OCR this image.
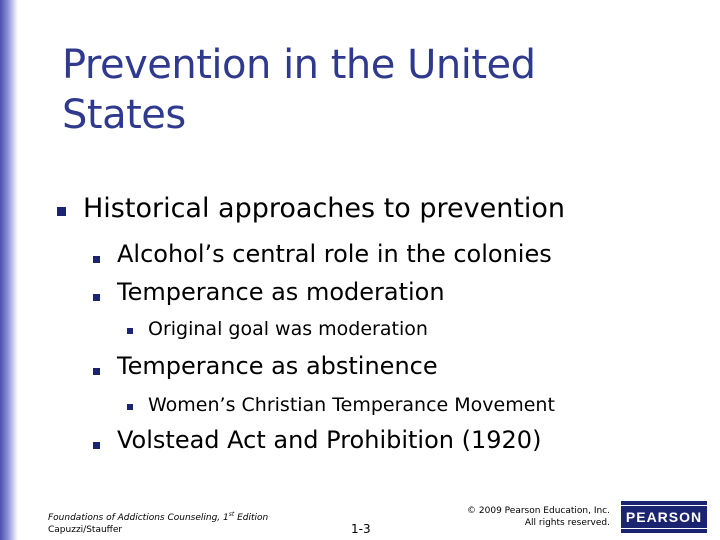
Prevention in the United
States
Historical approaches to prevention
Alcohol’s central role in the colonies
Temperance as moderation
Original goal was moderation
Temperance as abstinence
Women’s Christian Temperance Movement
Volstead Act and Prohibition (1920)
Foundations of Addictions Counseling, 1st Edition
Capuzzi/Stauffer	1-3
© 2009 Pearson Education, Inc.
All rights reserved.	PEARSON
